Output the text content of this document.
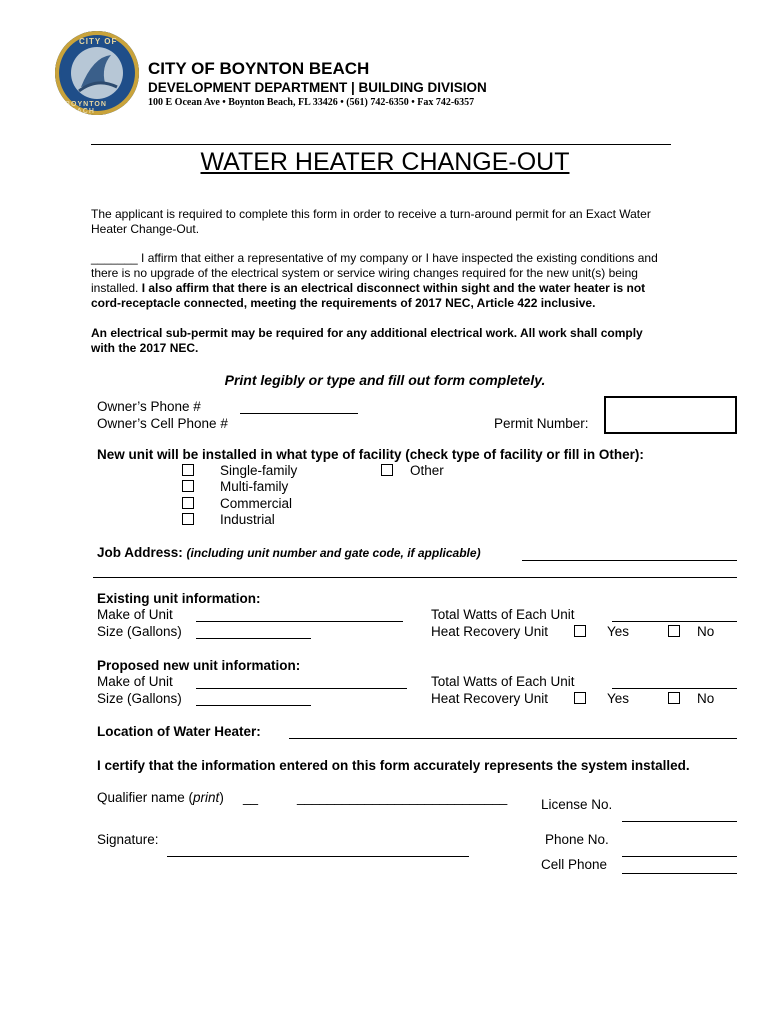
CITY OF
BOYNTON BEACH
CITY OF BOYNTON BEACH
DEVELOPMENT DEPARTMENT | BUILDING DIVISION
100 E Ocean Ave • Boynton Beach, FL 33426 • (561) 742-6350 • Fax 742-6357
WATER HEATER CHANGE-OUT
The applicant is required to complete this form in order to receive a turn-around permit for an Exact Water
Heater Change-Out.
_______ I affirm that either a representative of my company or I have inspected the existing conditions and
there is no upgrade of the electrical system or service wiring changes required for the new unit(s) being
installed. I also affirm that there is an electrical disconnect within sight and the water heater is not
cord-receptacle connected, meeting the requirements of 2017 NEC, Article 422 inclusive.
An electrical sub-permit may be required for any additional electrical work. All work shall comply
with the 2017 NEC.
Print legibly or type and fill out form completely.
Owner’s Phone #
Owner’s Cell Phone #	Permit Number:
New unit will be installed in what type of facility (check type of facility or fill in Other):
Single-family	Other
Multi-family
Commercial
Industrial
Job Address: (including unit number and gate code, if applicable)
Existing unit information:
Make of Unit	Total Watts of Each Unit
Size (Gallons)	Heat Recovery Unit	Yes	No
Proposed new unit information:
Make of Unit	Total Watts of Each Unit
Size (Gallons)	Heat Recovery Unit	Yes	No
Location of Water Heater:
I certify that the information entered on this form accurately represents the system installed.
Qualifier name (print) __	____________________________	License No.
Signature:	Phone No.
Cell Phone
